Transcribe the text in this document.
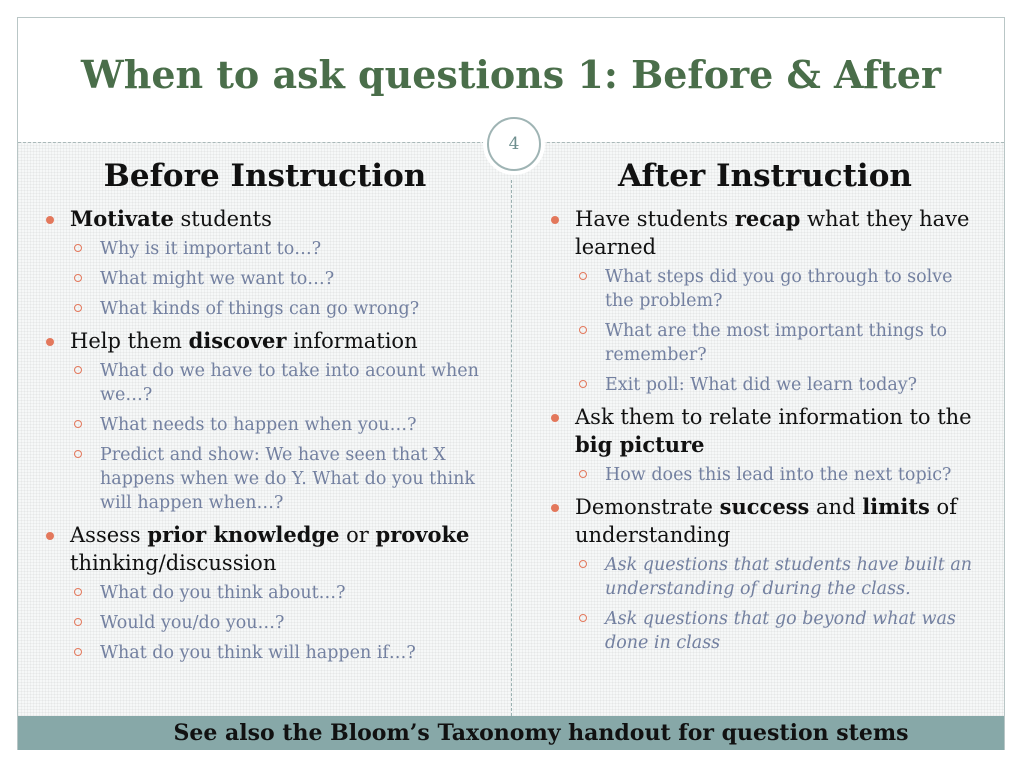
When to ask questions 1: Before & After
4
Before Instruction
Motivate students
Why is it important to…?
What might we want to…?
What kinds of things can go wrong?
Help them discover information
What do we have to take into acount when we…?
What needs to happen when you…?
Predict and show: We have seen that X happens when we do Y. What do you think will happen when…?
Assess prior knowledge or provoke thinking/discussion
What do you think about…?
Would you/do you…?
What do you think will happen if…?
After Instruction
Have students recap what they have learned
What steps did you go through to solve the problem?
What are the most important things to remember?
Exit poll: What did we learn today?
Ask them to relate information to the big picture
How does this lead into the next topic?
Demonstrate success and limits of understanding
Ask questions that students have built an understanding of during the class.
Ask questions that go beyond what was done in class
See also the Bloom’s Taxonomy handout for question stems
